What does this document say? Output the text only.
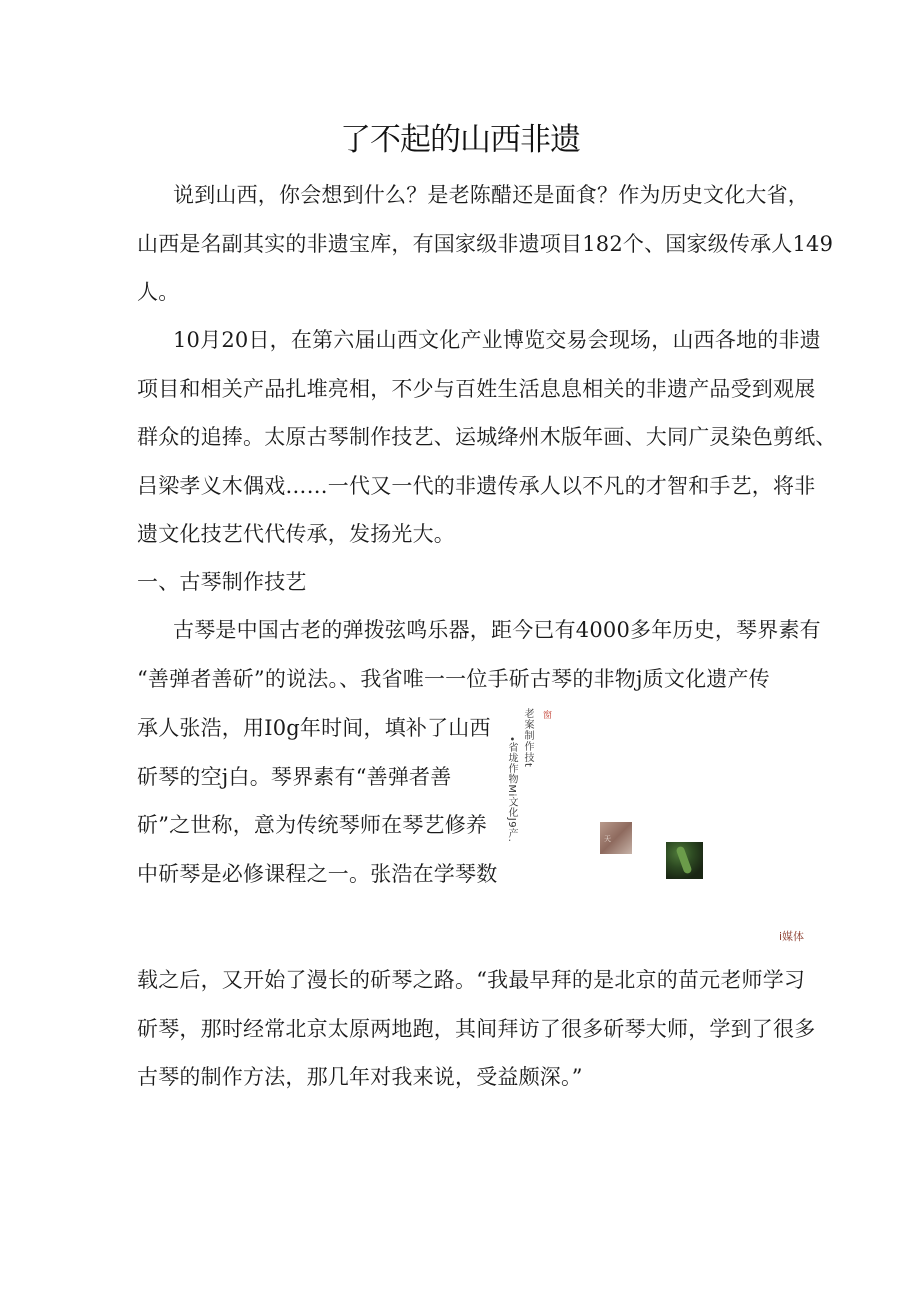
了不起的山西非遗

说到山西，你会想到什么？是老陈醋还是面食？作为历史文化大省，
山西是名副其实的非遗宝库，有国家级非遗项目182个、国家级传承人149
人。

10月20日，在第六届山西文化产业博览交易会现场，山西各地的非遗
项目和相关产品扎堆亮相，不少与百姓生活息息相关的非遗产品受到观展
群众的追捧。太原古琴制作技艺、运城绛州木版年画、大同广灵染色剪纸、
吕梁孝义木偶戏……一代又一代的非遗传承人以不凡的才智和手艺，将非
遗文化技艺代代传承，发扬光大。

一、古琴制作技艺

古琴是中国古老的弹拨弦鸣乐器，距今已有4000多年历史，琴界素有
“善弹者善斫”的说法。、我省唯一一位手斫古琴的非物j质文化遗产传

承人张浩，用I0g年时间，填补了山西
斫琴的空j白。琴界素有“善弹者善
斫”之世称，意为传统琴师在琴艺修养
中斫琴是必修课程之一。张浩在学琴数

老案制作技t
•省垅作物Mi文化J9产.
窗
天
i媒体

载之后，又开始了漫长的斫琴之路。“我最早拜的是北京的苗元老师学习
斫琴，那时经常北京太原两地跑，其间拜访了很多斫琴大师，学到了很多
古琴的制作方法，那几年对我来说，受益颇深。”
